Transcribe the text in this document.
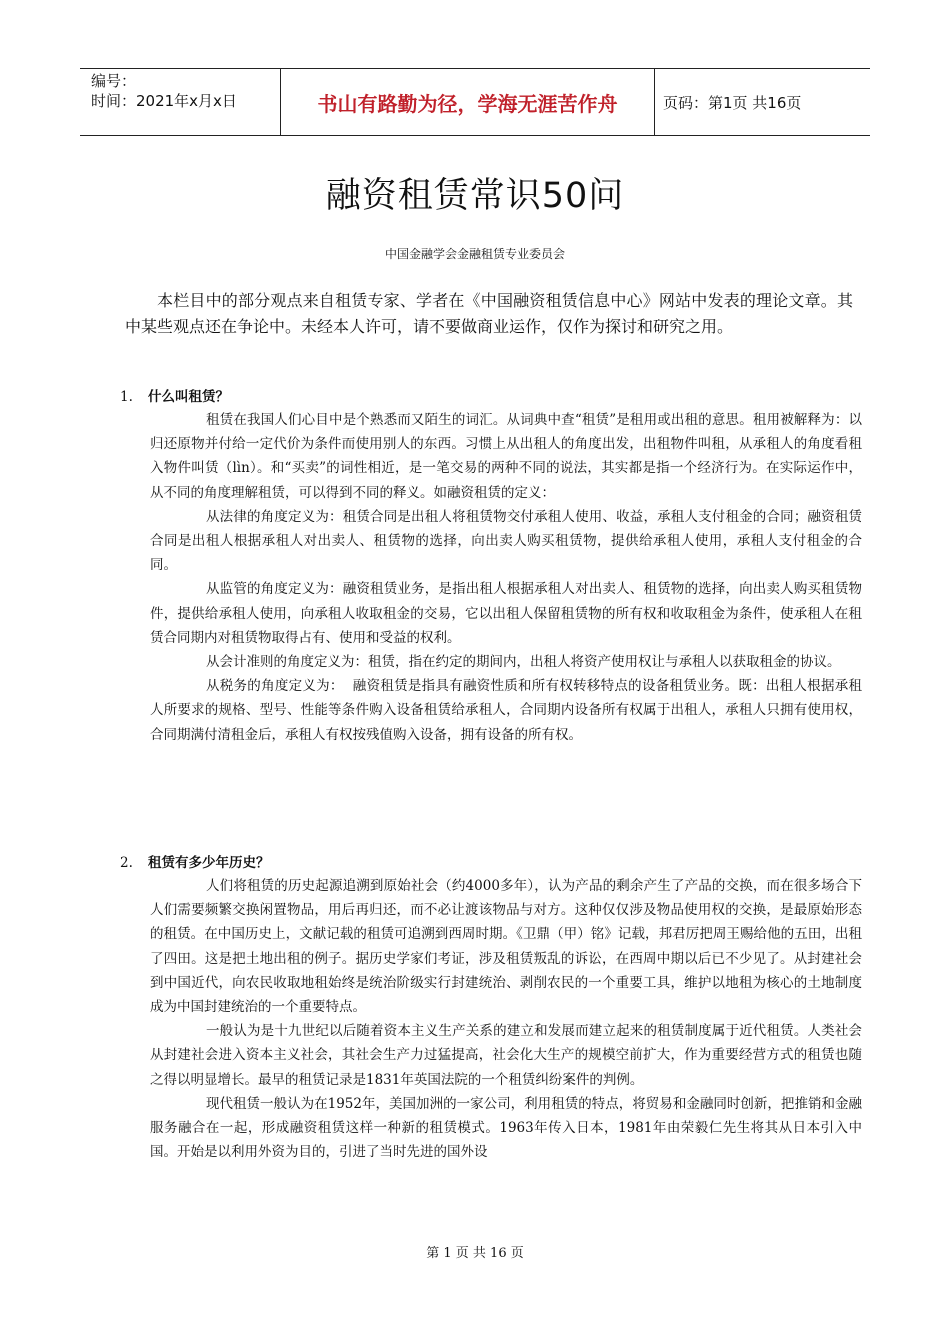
编号：
时间：2021年x月x日	书山有路勤为径，学海无涯苦作舟	页码：第1页 共16页
融资租赁常识50问
中国金融学会金融租赁专业委员会

本栏目中的部分观点来自租赁专家、学者在《中国融资租赁信息中心》网站中发表的理论文章。其中某些观点还在争论中。未经本人许可，请不要做商业运作，仅作为探讨和研究之用。

1. 什么叫租赁？

租赁在我国人们心目中是个熟悉而又陌生的词汇。从词典中查“租赁”是租用或出租的意思。租用被解释为：以归还原物并付给一定代价为条件而使用别人的东西。习惯上从出租人的角度出发，出租物件叫租，从承租人的角度看租入物件叫赁（lìn）。和“买卖”的词性相近，是一笔交易的两种不同的说法，其实都是指一个经济行为。在实际运作中，从不同的角度理解租赁，可以得到不同的释义。如融资租赁的定义：

从法律的角度定义为：租赁合同是出租人将租赁物交付承租人使用、收益，承租人支付租金的合同；融资租赁合同是出租人根据承租人对出卖人、租赁物的选择，向出卖人购买租赁物，提供给承租人使用，承租人支付租金的合同。

从监管的角度定义为：融资租赁业务，是指出租人根据承租人对出卖人、租赁物的选择，向出卖人购买租赁物件，提供给承租人使用，向承租人收取租金的交易，它以出租人保留租赁物的所有权和收取租金为条件，使承租人在租赁合同期内对租赁物取得占有、使用和受益的权利。

从会计准则的角度定义为：租赁，指在约定的期间内，出租人将资产使用权让与承租人以获取租金的协议。

从税务的角度定义为：  融资租赁是指具有融资性质和所有权转移特点的设备租赁业务。既：出租人根据承租人所要求的规格、型号、性能等条件购入设备租赁给承租人，合同期内设备所有权属于出租人，承租人只拥有使用权，合同期满付清租金后，承租人有权按残值购入设备，拥有设备的所有权。

2. 租赁有多少年历史？

人们将租赁的历史起源追溯到原始社会（约4000多年），认为产品的剩余产生了产品的交换，而在很多场合下人们需要频繁交换闲置物品，用后再归还，而不必让渡该物品与对方。这种仅仅涉及物品使用权的交换，是最原始形态的租赁。在中国历史上，文献记载的租赁可追溯到西周时期。《卫鼎（甲）铭》记载，邦君厉把周王赐给他的五田，出租了四田。这是把土地出租的例子。据历史学家们考证，涉及租赁叛乱的诉讼，在西周中期以后已不少见了。从封建社会到中国近代，向农民收取地租始终是统治阶级实行封建统治、剥削农民的一个重要工具，维护以地租为核心的土地制度成为中国封建统治的一个重要特点。

一般认为是十九世纪以后随着资本主义生产关系的建立和发展而建立起来的租赁制度属于近代租赁。人类社会从封建社会进入资本主义社会，其社会生产力过猛提高，社会化大生产的规模空前扩大，作为重要经营方式的租赁也随之得以明显增长。最早的租赁记录是1831年英国法院的一个租赁纠纷案件的判例。

现代租赁一般认为在1952年，美国加洲的一家公司，利用租赁的特点，将贸易和金融同时创新，把推销和金融服务融合在一起，形成融资租赁这样一种新的租赁模式。1963年传入日本，1981年由荣毅仁先生将其从日本引入中国。开始是以利用外资为目的，引进了当时先进的国外设

第 1 页 共 16 页
